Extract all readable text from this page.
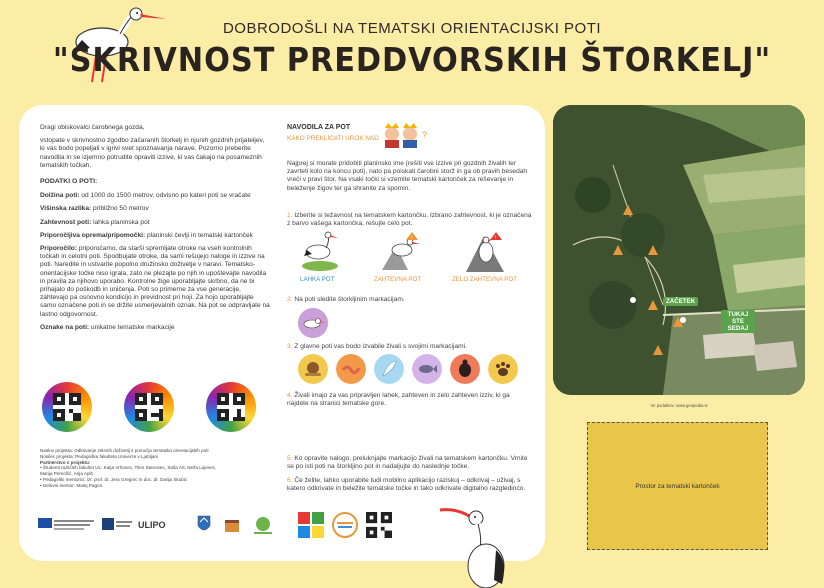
DOBRODOŠLI NA TEMATSKI ORIENTACIJSKI POTI
"SKRIVNOST PREDDVORSKIH ŠTORKELJ"

Dragi obiskovalci čarobnega gozda,

vstopate v skrivnostno zgodbo začaranih štorkelj in njunih gozdnih prijateljev, ki vas bodo popeljali v igrivi svet spoznavanja narave. Pozorno preberite navodila in se izjemno potrudite opraviti izzive, ki vas čakajo na posameznih tematskih točkah.

PODATKI O POTI:
Dolžina poti: od 1000 do 1500 metrov, odvisno po kateri poti se vračate
Višinska razlika: približno 50 metrov
Zahtevnost poti: lahka planinska pot
Priporočljiva oprema/pripomočki: planinski čevlji in tematski kartonček
Priporočilo: priporočamo, da starši spremljate otroke na vseh kontrolnih točkah in celotni poti. Spodbujate otroke, da sami rešujejo naloge in izzive na poti. Naredite in ustvarite popolno družinsko doživetje v naravi. Tematsko-orientacijske točke niso igrala, zato ne plezajte po njih in upoštevajte navodila in pravila za njihovo uporabo. Kontrolne žige uporabljajte skrbno, da ne bi prihajalo do poškodb in uničenja. Poti so primerne za vse generacije, zahtevajo pa osnovno kondicijo in previdnost pri hoji. Za hojo uporabljajte samo označene poti in se držite usmerjevalnih oznak. Na pot se odpravljate na lastno odgovornost.
Oznake na poti: unikatne tematske markacije
Naslov projekta: Odkrivanje zelenih doživetij s pomočjo tematsko orientacijskih poti
Nosilec projekta: Pedagoška fakulteta Univerze v Ljubljani
Partnerstvo v projektu:
• Študenti različnih fakultet UL: Katja Vrhovec, Tilen Stenovec, Saša Art, Neža Lajevec,
Marija Primožič, Anja Apih
• Pedagoški mentorici: izr. prof. dr. Jera Gregorc in doc. dr. Darija Skubic
• Delovni mentor: Matej Pagon
ULIPO
NAVODILA ZA POT
KAKO PREKLICATI UROK NAD	?
Najprej si morate pridobiti planinsko ime (rešiti vse izzive pri gozdnih živalih ter zavrteti kolo na koncu poti), nato pa poiskati čarobni storž in ga ob pravih besedah vreči v pravi štor. Na vsaki točki si vzemite tematski kartonček za reševanje in beleženje žigov ter ga shranite za spomin.
1. Izberite si težavnost na tematskem kartončku. Izbrano zahtevnost, ki je označena z barvo vašega kartončka, rešujte celo pot.
LAHKA POT
!
ZAHTEVNA POT
!
ZELO ZAHTEVNA POT
2. Na poti sledite štorkljinim markacijam.
3. Z glavne poti vas bodo izvabile živali s svojimi markacijami.
4. Živali imajo za vas pripravljen lahek, zahteven in zelo zahteven izziv, ki ga najdete na stranici tematske gore.
5. Ko opravite nalogo, preluknjajte markacijo živali na tematskem kartončku. Vrnite se po isti poti na štorkljino pot in nadaljujte do naslednje točke.
6. Če želite, lahko uporabite tudi mobilno aplikacijo raziskuj – odkrivaj – uživaj, s katero odkrivate in beležite tematske točke in tako odkrivate digitalno razgledinco.
ZAČETEK
TUKAJ STE SEDAJ
Vir podatkov: www.geopedia.si
Prostor za tematski kartonček
